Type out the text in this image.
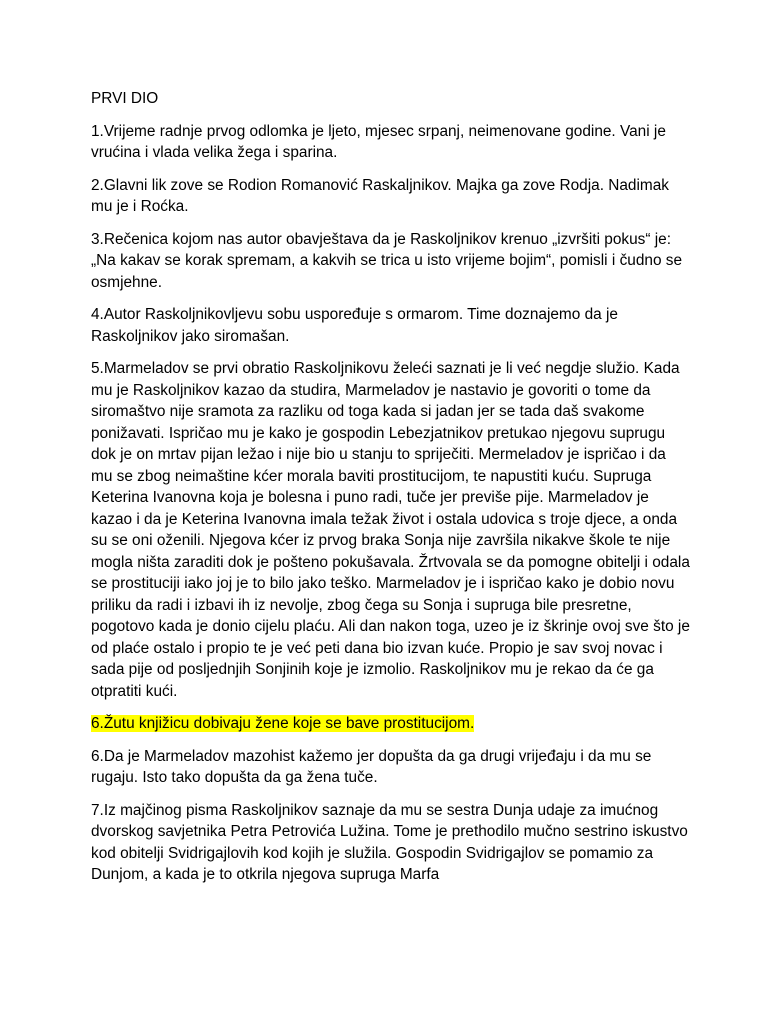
PRVI DIO

1.Vrijeme radnje prvog odlomka je ljeto, mjesec srpanj, neimenovane godine. Vani je vrućina i vlada velika žega i sparina.

2.Glavni lik zove se Rodion Romanović Raskaljnikov. Majka ga zove Rodja. Nadimak mu je i Roćka.

3.Rečenica kojom nas autor obavještava da je Raskoljnikov krenuo „izvršiti pokus“ je: „Na kakav se korak spremam, a kakvih se trica u isto vrijeme bojim“, pomisli i čudno se osmjehne.

4.Autor Raskoljnikovljevu sobu uspoređuje s ormarom. Time doznajemo da je Raskoljnikov jako siromašan.

5.Marmeladov se prvi obratio Raskoljnikovu želeći saznati je li već negdje služio. Kada mu je Raskoljnikov kazao da studira, Marmeladov je nastavio je govoriti o tome da siromaštvo nije sramota za razliku od toga kada si jadan jer se tada daš svakome ponižavati. Ispričao mu je kako je gospodin Lebezjatnikov pretukao njegovu suprugu dok je on mrtav pijan ležao i nije bio u stanju to spriječiti. Mermeladov je ispričao i da mu se zbog neimaštine kćer morala baviti prostitucijom, te napustiti kuću. Supruga Keterina Ivanovna koja je bolesna i puno radi, tuče jer previše pije. Marmeladov je kazao i da je Keterina Ivanovna imala težak život i ostala udovica s troje djece, a onda su se oni oženili. Njegova kćer iz prvog braka Sonja nije završila nikakve škole te nije mogla ništa zaraditi dok je pošteno pokušavala. Žrtvovala se da pomogne obitelji i odala se prostituciji iako joj je to bilo jako teško. Marmeladov je i ispričao kako je dobio novu priliku da radi i izbavi ih iz nevolje, zbog čega su Sonja i supruga bile presretne, pogotovo kada je donio cijelu plaću. Ali dan nakon toga, uzeo je iz škrinje ovoj sve što je od plaće ostalo i propio te je već peti dana bio izvan kuće. Propio je sav svoj novac i sada pije od posljednjih Sonjinih koje je izmolio. Raskoljnikov mu je rekao da će ga otpratiti kući.

6.Žutu knjižicu dobivaju žene koje se bave prostitucijom.

6.Da je Marmeladov mazohist kažemo jer dopušta da ga drugi vrijeđaju i da mu se rugaju. Isto tako dopušta da ga žena tuče.

7.Iz majčinog pisma Raskoljnikov saznaje da mu se sestra Dunja udaje za imućnog dvorskog savjetnika Petra Petrovića Lužina. Tome je prethodilo mučno sestrino iskustvo kod obitelji Svidrigajlovih kod kojih je služila. Gospodin Svidrigajlov se pomamio za Dunjom, a kada je to otkrila njegova supruga Marfa
